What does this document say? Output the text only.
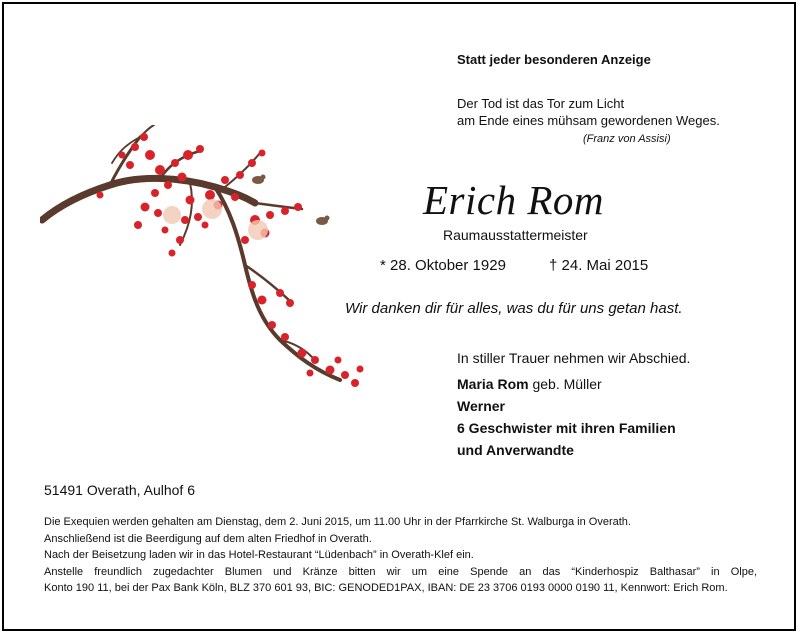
Statt jeder besonderen Anzeige
Der Tod ist das Tor zum Licht
am Ende eines mühsam gewordenen Weges.
(Franz von Assisi)
Erich Rom
Raumausstattermeister
* 28. Oktober 1929	† 24. Mai 2015
Wir danken dir für alles, was du für uns getan hast.
In stiller Trauer nehmen wir Abschied.
Maria Rom geb. Müller
Werner
6 Geschwister mit ihren Familien
und Anverwandte
51491 Overath, Aulhof 6

Die Exequien werden gehalten am Dienstag, dem 2. Juni 2015, um 11.00 Uhr in der Pfarrkirche St. Walburga in Overath.

Anschließend ist die Beerdigung auf dem alten Friedhof in Overath.

Nach der Beisetzung laden wir in das Hotel-Restaurant “Lüdenbach” in Overath-Klef ein.

Anstelle freundlich zugedachter Blumen und Kränze bitten wir um eine Spende an das “Kinderhospiz Balthasar” in Olpe,

Konto 190 11, bei der Pax Bank Köln, BLZ 370 601 93, BIC: GENODED1PAX, IBAN: DE 23 3706 0193 0000 0190 11, Kennwort: Erich Rom.
